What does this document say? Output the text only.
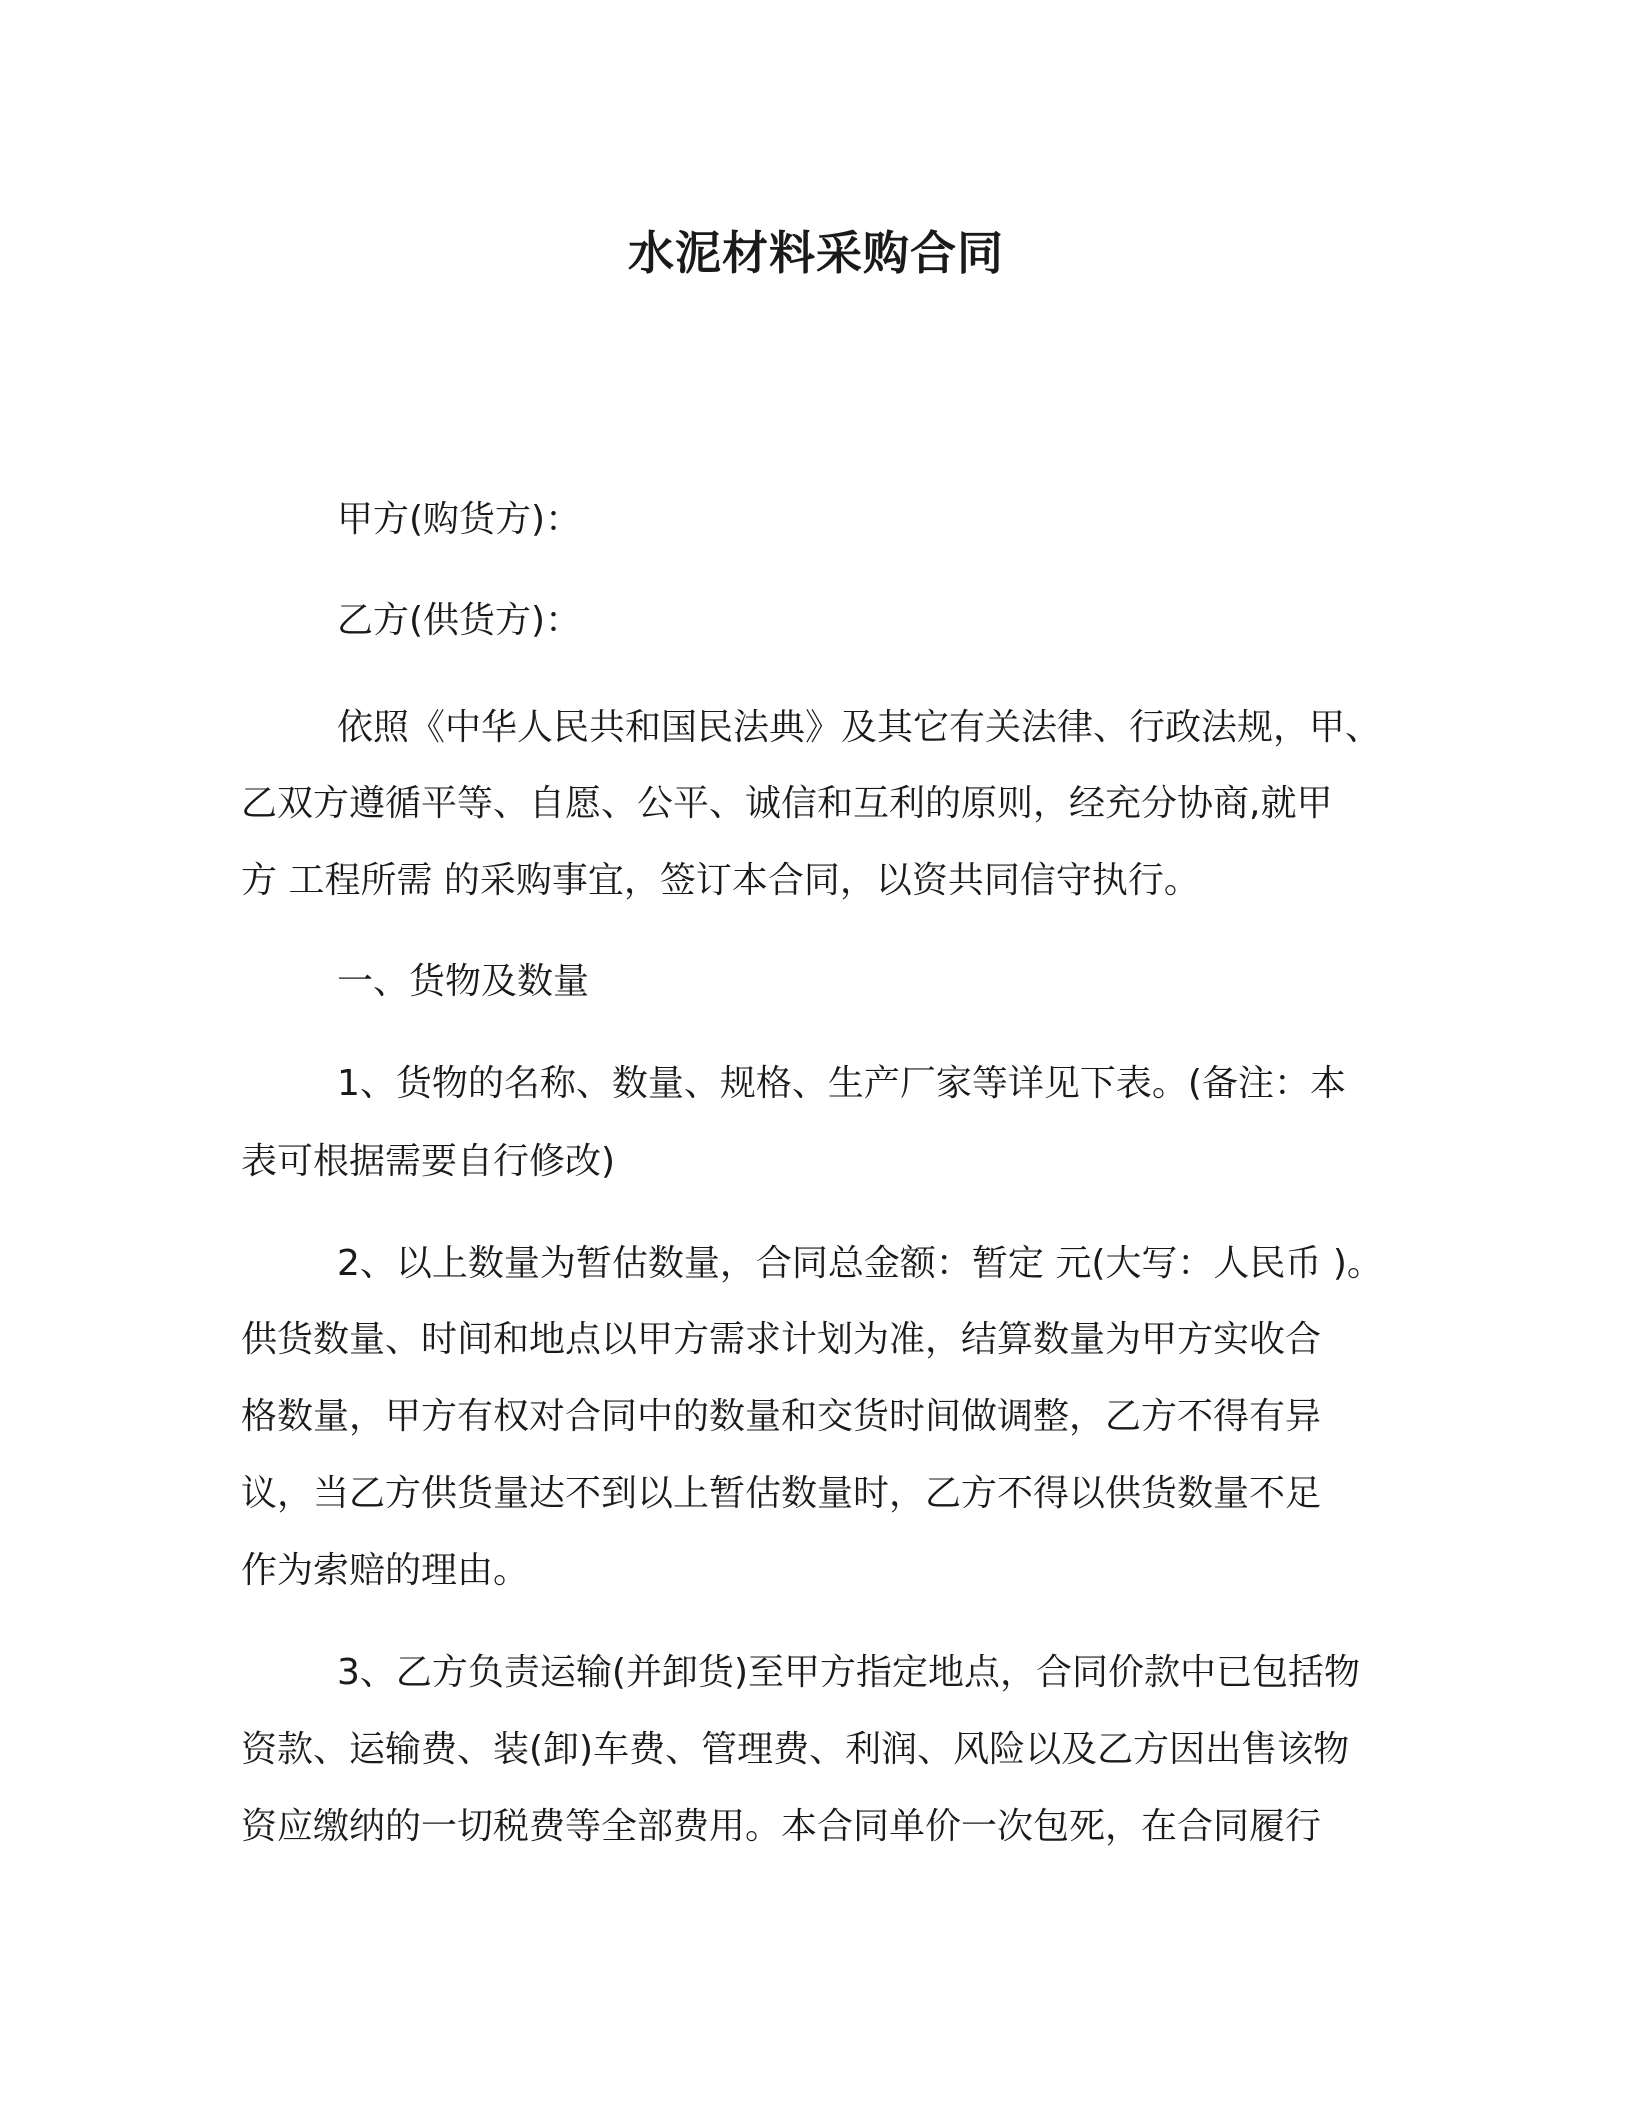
水泥材料采购合同

甲方(购货方)：

乙方(供货方)：

依照《中华人民共和国民法典》及其它有关法律、行政法规，甲、

乙双方遵循平等、自愿、公平、诚信和互利的原则，经充分协商,就甲

方 工程所需 的采购事宜，签订本合同，以资共同信守执行。

一、货物及数量

1、货物的名称、数量、规格、生产厂家等详见下表。(备注：本

表可根据需要自行修改)

2、以上数量为暂估数量，合同总金额：暂定 元(大写：人民币 )。

供货数量、时间和地点以甲方需求计划为准，结算数量为甲方实收合

格数量，甲方有权对合同中的数量和交货时间做调整，乙方不得有异

议，当乙方供货量达不到以上暂估数量时，乙方不得以供货数量不足

作为索赔的理由。

3、乙方负责运输(并卸货)至甲方指定地点，合同价款中已包括物

资款、运输费、装(卸)车费、管理费、利润、风险以及乙方因出售该物

资应缴纳的一切税费等全部费用。本合同单价一次包死，在合同履行
